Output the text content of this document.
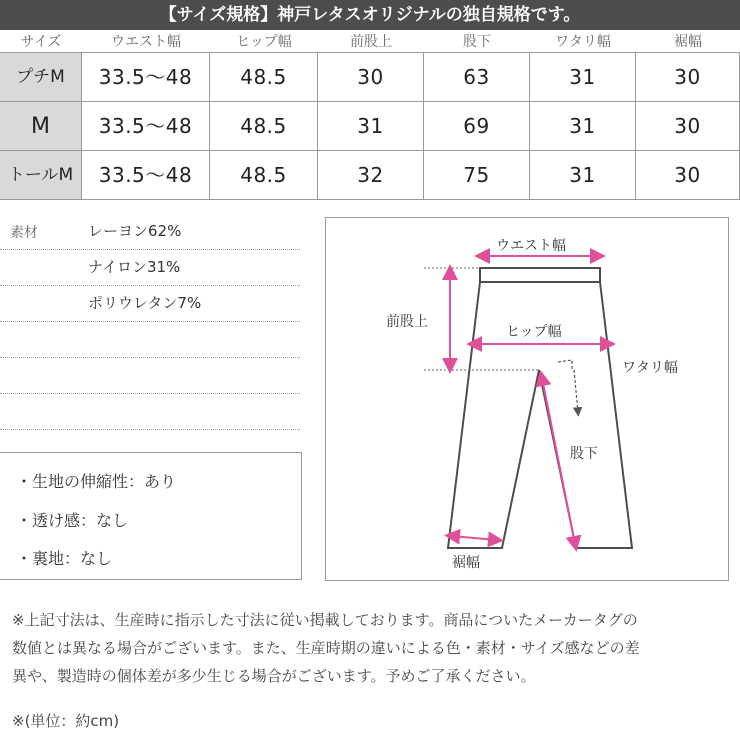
【サイズ規格】神戸レタスオリジナルの独自規格です。
サイズ	ウエスト幅	ヒップ幅	前股上	股下	ワタリ幅	裾幅
プチM	33.5〜48	48.5	30	63	31	30
M	33.5〜48	48.5	31	69	31	30
トールM	33.5〜48	48.5	32	75	31	30
素材	レーヨン62%
ナイロン31%
ポリウレタン7%
・生地の伸縮性：あり
・透け感：なし
・裏地：なし
ウエスト幅
前股上
ヒップ幅
ワタリ幅
股下
裾幅
※上記寸法は、生産時に指示した寸法に従い掲載しております。商品についたメーカータグの
数値とは異なる場合がございます。また、生産時期の違いによる色・素材・サイズ感などの差
異や、製造時の個体差が多少生じる場合がございます。予めご了承ください。
※(単位：約cm)
